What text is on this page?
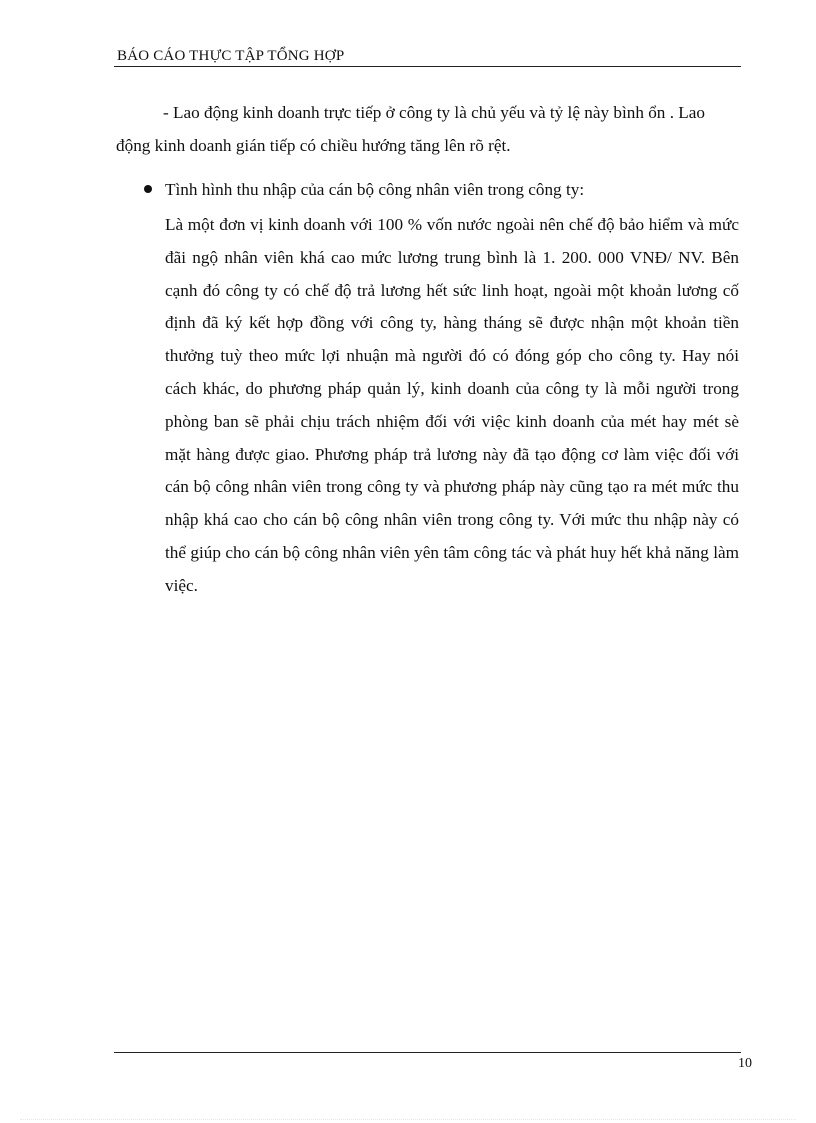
BÁO CÁO THỰC TẬP TỔNG HỢP

- Lao động kinh doanh trực tiếp ở công ty là chủ yếu và tỷ lệ này bình ổn . Lao động kinh doanh gián tiếp có chiều hướng tăng lên rõ rệt.

Tình hình thu nhập của cán bộ công nhân viên trong công ty:

Là một đơn vị kinh doanh với 100 % vốn nước ngoài nên chế độ bảo hiểm và mức đãi ngộ nhân viên khá cao mức lương trung bình là 1. 200. 000 VNĐ/ NV. Bên cạnh đó công ty có chế độ trả lương hết sức linh hoạt, ngoài một khoản lương cố định đã ký kết hợp đồng với công ty, hàng tháng sẽ được nhận một khoản tiền thưởng tuỳ theo mức lợi nhuận mà người đó có đóng góp cho công ty. Hay nói cách khác, do phương pháp quản lý, kinh doanh của công ty là mỗi người trong phòng ban sẽ phải chịu trách nhiệm đối với việc kinh doanh của mét hay mét sè mặt hàng được giao. Phương pháp trả lương này đã tạo động cơ làm việc đối với cán bộ công nhân viên trong công ty và phương pháp này cũng tạo ra mét mức thu nhập khá cao cho cán bộ công nhân viên trong công ty. Với mức thu nhập này có thể giúp cho cán bộ công nhân viên yên tâm công tác và phát huy hết khả năng làm việc.

10
